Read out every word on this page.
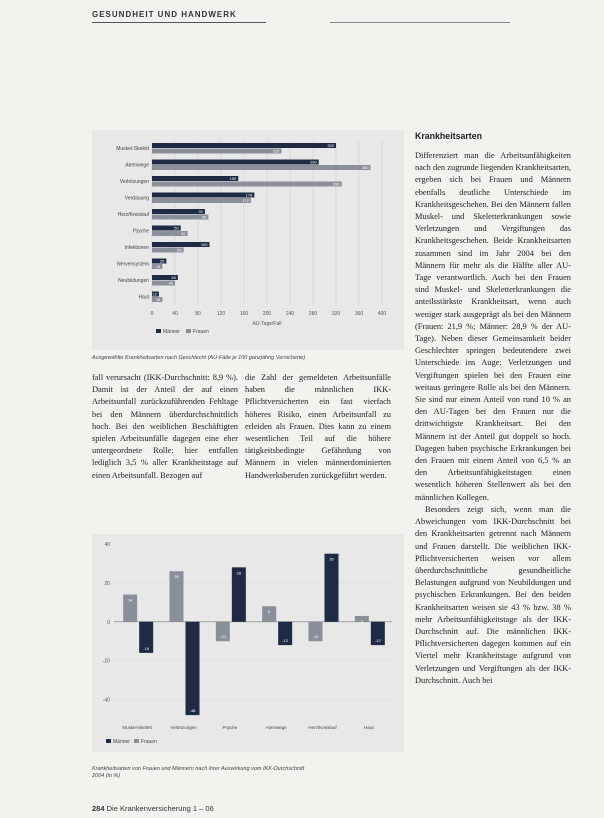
GESUNDHEIT UND HANDWERK
0	40	80	120	160	200	240	280	320	360	400
AU-Tage/Fall
Muskel-Skelett
320
225
Atemwege
290
380
Verletzungen
150
330
Verdauung
178
172
Herz/Kreislauf
92
98
Psyche
50
62
Infektionen
100
55
Nervensystem
25
18
Neubildungen
45
40
Haut
12
18
Männer	Frauen
Ausgewählte Krankheitsarten nach Geschlecht (AU-Fälle je 100 ganzjährig Versicherte)
Krankheitsarten
fall verursacht (IKK-Durchschnitt: 8,9 %). Damit ist der Anteil der auf einen Arbeitsunfall zurückzuführenden Fehltage bei den Männern überdurchschnittlich hoch. Bei den weiblichen Beschäftigten spielen Arbeitsunfälle dagegen eine eher untergeordnete Rolle: hier entfallen lediglich 3,5 % aller Krankheitstage auf einen Arbeitsunfall. Bezogen auf
die Zahl der gemeldeten Arbeitsunfälle haben die männlichen IKK-Pflichtversicherten ein fast vierfach höheres Risiko, einen Arbeitsunfall zu erleiden als Frauen. Dies kann zu einem wesentlichen Teil auf die höhere tätigkeitsbedingte Gefährdung von Männern in vielen männerdominierten Handwerksberufen zurückgeführt werden.

Differenziert man die Arbeitsunfähigkeiten nach den zugrunde liegenden Krankheitsarten, ergeben sich bei Frauen und Männern ebenfalls deutliche Unterschiede im Krankheitsgeschehen. Bei den Männern fallen Muskel- und Skeletterkrankungen sowie Verletzungen und Vergiftungen das Krankheitsgeschehen. Beide Krankheitsarten zusammen sind im Jahr 2004 bei den Männern für mehr als die Hälfte aller AU-Tage verantwortlich. Auch bei den Frauen sind Muskel- und Skeletterkrankungen die anteilsstärkste Krankheitsart, wenn auch weniger stark ausgeprägt als bei den Männern (Frauen: 21,9 %; Männer: 28,9 % der AU-Tage). Neben dieser Gemeinsamkeit beider Geschlechter springen bedeutendere zwei Unterschiede ins Auge: Verletzungen und Vergiftungen spielen bei den Frauen eine weitaus geringere Rolle als bei den Männern. Sie sind nur einem Anteil von rund 10 % an den AU-Tagen bei den Frauen nur die drittwichtigste Krankheitsart. Bei den Männern ist der Anteil gut doppelt so hoch. Dagegen haben psychische Erkrankungen bei den Frauen mit einem Anteil von 6,5 % an den Arbeitsunfähigkeitstagen einen wesentlich höheren Stellenwert als bei den männlichen Kollegen.

Besonders zeigt sich, wenn man die Abweichungen vom IKK-Durchschnitt bei den Krankheitsarten getrennt nach Männern und Frauen darstellt. Die weiblichen IKK-Pflichtversicherten weisen vor allem überdurchschnittliche gesundheitliche Belastungen aufgrund von Neubildungen und psychischen Erkrankungen. Bei den beiden Krankheitsarten weisen sie 43 % bzw. 38 % mehr Arbeitsunfähigkeitstage als der IKK-Durchschnitt auf. Die männlichen IKK-Pflichtversicherten dagegen kommen auf ein Viertel mehr Krankheitstage aufgrund von Verletzungen und Vergiftungen als der IKK-Durchschnitt. Auch bei

40
20
0
-20
-40
Muskel-Skelett
14
-16
Verletzungen
26
-48
Psyche
-10
28
Atemwege
8
-12
Herz/Kreislauf
-10
35
Haut
3
-12
Männer Frauen
Krankheitsarten von Frauen und Männern nach ihrer Auswirkung vom IKK-Durchschnitt 2004 (in %)
284 Die Krankenversicherung 1 – 06
